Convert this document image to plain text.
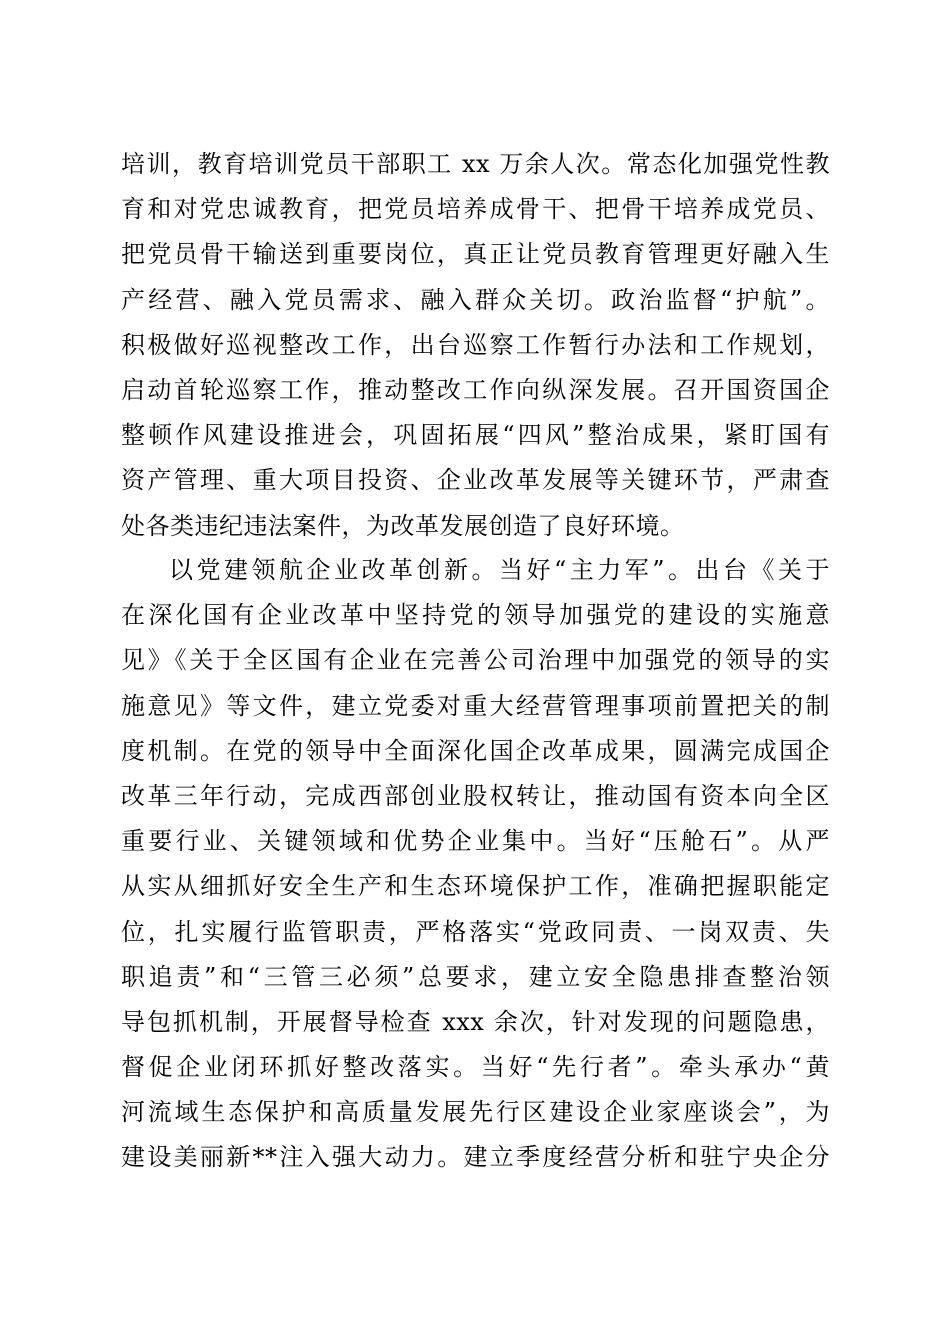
培训，教育培训党员干部职工 xx 万余人次。常态化加强党性教
育和对党忠诚教育，把党员培养成骨干、把骨干培养成党员、
把党员骨干输送到重要岗位，真正让党员教育管理更好融入生
产经营、融入党员需求、融入群众关切。政治监督“护航”。
积极做好巡视整改工作，出台巡察工作暂行办法和工作规划，
启动首轮巡察工作，推动整改工作向纵深发展。召开国资国企
整顿作风建设推进会，巩固拓展“四风”整治成果，紧盯国有
资产管理、重大项目投资、企业改革发展等关键环节，严肃查
处各类违纪违法案件，为改革发展创造了良好环境。
以党建领航企业改革创新。当好“主力军”。出台《关于
在深化国有企业改革中坚持党的领导加强党的建设的实施意
见》《关于全区国有企业在完善公司治理中加强党的领导的实
施意见》等文件，建立党委对重大经营管理事项前置把关的制
度机制。在党的领导中全面深化国企改革成果，圆满完成国企
改革三年行动，完成西部创业股权转让，推动国有资本向全区
重要行业、关键领域和优势企业集中。当好“压舱石”。从严
从实从细抓好安全生产和生态环境保护工作，准确把握职能定
位，扎实履行监管职责，严格落实“党政同责、一岗双责、失
职追责”和“三管三必须”总要求，建立安全隐患排查整治领
导包抓机制，开展督导检查 xxx 余次，针对发现的问题隐患，
督促企业闭环抓好整改落实。当好“先行者”。牵头承办“黄
河流域生态保护和高质量发展先行区建设企业家座谈会”，为
建设美丽新**注入强大动力。建立季度经营分析和驻宁央企分
